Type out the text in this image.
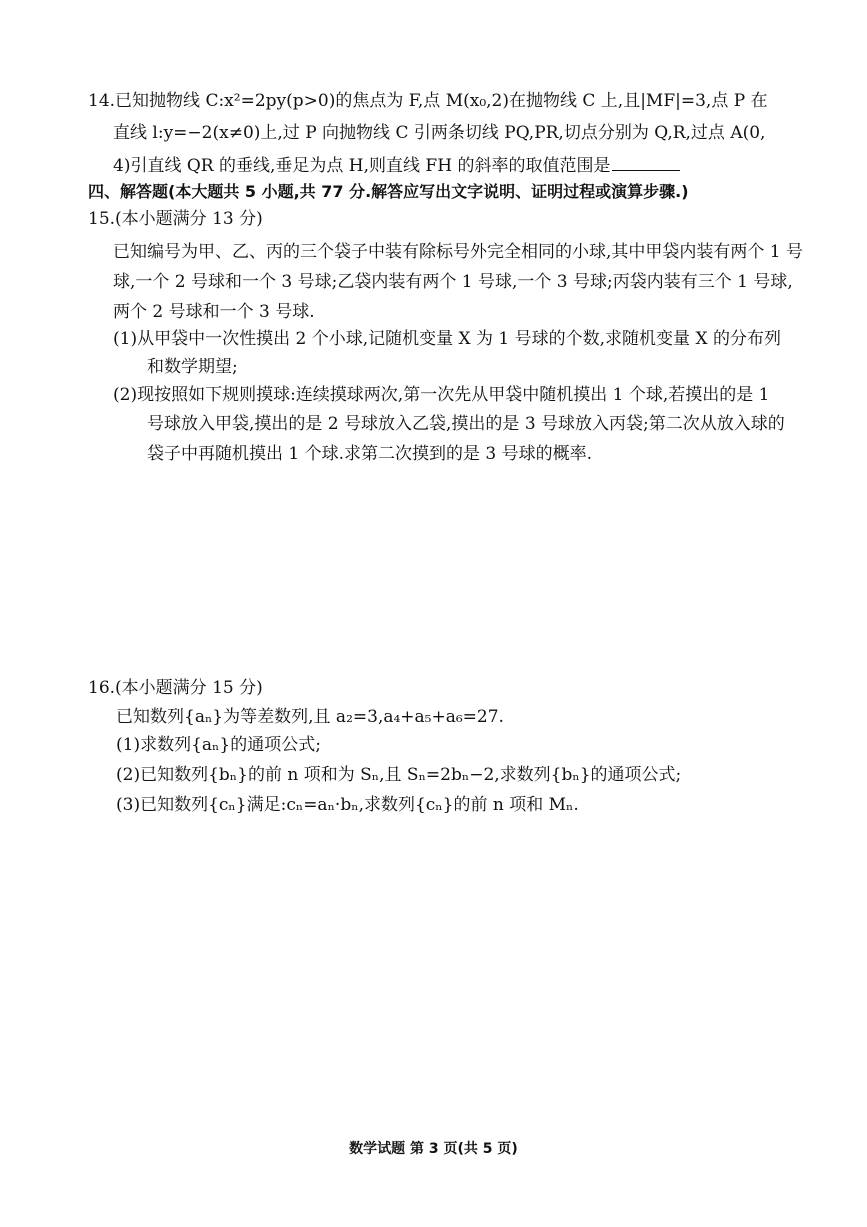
14.已知抛物线 C:x²=2py(p>0)的焦点为 F,点 M(x₀,2)在抛物线 C 上,且|MF|=3,点 P 在
直线 l:y=−2(x≠0)上,过 P 向抛物线 C 引两条切线 PQ,PR,切点分别为 Q,R,过点 A(0,
4)引直线 QR 的垂线,垂足为点 H,则直线 FH 的斜率的取值范围是
四、解答题(本大题共 5 小题,共 77 分.解答应写出文字说明、证明过程或演算步骤.)
15.(本小题满分 13 分)
已知编号为甲、乙、丙的三个袋子中装有除标号外完全相同的小球,其中甲袋内装有两个 1 号
球,一个 2 号球和一个 3 号球;乙袋内装有两个 1 号球,一个 3 号球;丙袋内装有三个 1 号球,
两个 2 号球和一个 3 号球.
(1)从甲袋中一次性摸出 2 个小球,记随机变量 X 为 1 号球的个数,求随机变量 X 的分布列
和数学期望;
(2)现按照如下规则摸球:连续摸球两次,第一次先从甲袋中随机摸出 1 个球,若摸出的是 1
号球放入甲袋,摸出的是 2 号球放入乙袋,摸出的是 3 号球放入丙袋;第二次从放入球的
袋子中再随机摸出 1 个球.求第二次摸到的是 3 号球的概率.
16.(本小题满分 15 分)
已知数列{aₙ}为等差数列,且 a₂=3,a₄+a₅+a₆=27.
(1)求数列{aₙ}的通项公式;
(2)已知数列{bₙ}的前 n 项和为 Sₙ,且 Sₙ=2bₙ−2,求数列{bₙ}的通项公式;
(3)已知数列{cₙ}满足:cₙ=aₙ·bₙ,求数列{cₙ}的前 n 项和 Mₙ.
数学试题 第 3 页(共 5 页)
